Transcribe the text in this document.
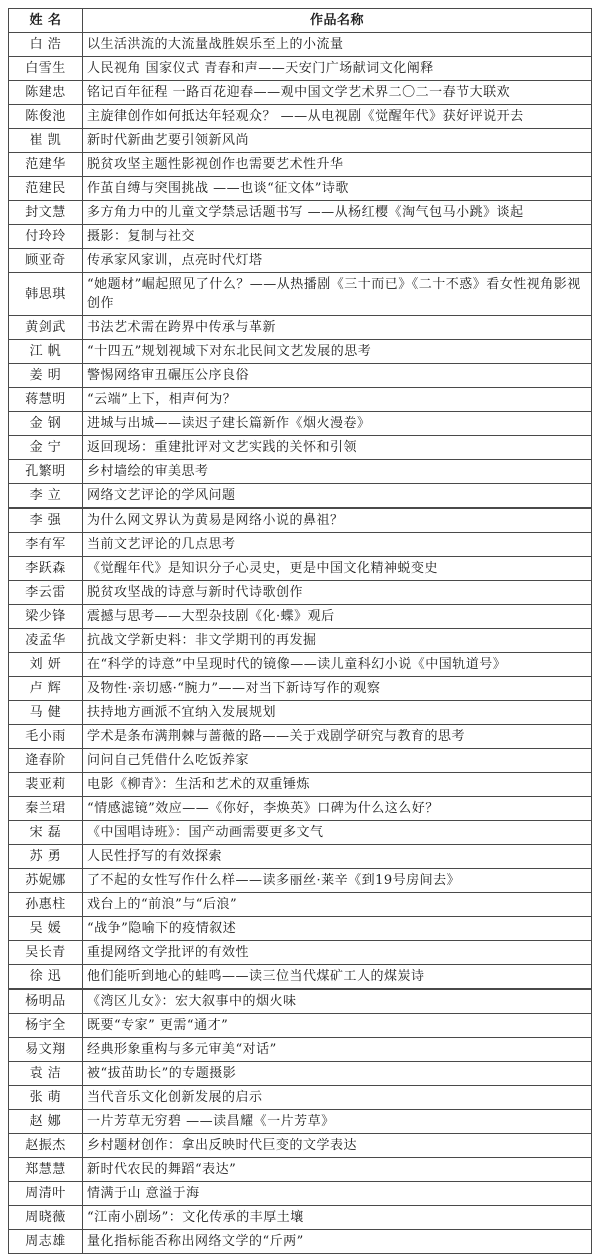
姓 名	作品名称
白 浩	以生活洪流的大流量战胜娱乐至上的小流量
白雪生	人民视角 国家仪式 青春和声——天安门广场献词文化阐释
陈建忠	铭记百年征程 一路百花迎春——观中国文学艺术界二〇二一春节大联欢
陈俊池	主旋律创作如何抵达年轻观众？ ——从电视剧《觉醒年代》获好评说开去
崔 凯	新时代新曲艺要引领新风尚
范建华	脱贫攻坚主题性影视创作也需要艺术性升华
范建民	作茧自缚与突围挑战 ——也谈“征文体”诗歌
封文慧	多方角力中的儿童文学禁忌话题书写 ——从杨红樱《淘气包马小跳》谈起
付玲玲	摄影：复制与社交
顾亚奇	传承家风家训，点亮时代灯塔
韩思琪	“她题材”崛起照见了什么？——从热播剧《三十而已》《二十不惑》看女性视角影视创作
黄剑武	书法艺术需在跨界中传承与革新
江 帆	“十四五”规划视域下对东北民间文艺发展的思考
姜 明	警惕网络审丑碾压公序良俗
蒋慧明	“云端”上下，相声何为？
金 钢	进城与出城——读迟子建长篇新作《烟火漫卷》
金 宁	返回现场：重建批评对文艺实践的关怀和引领
孔繁明	乡村墙绘的审美思考
李 立	网络文艺评论的学风问题
李 强	为什么网文界认为黄易是网络小说的鼻祖？
李有军	当前文艺评论的几点思考
李跃森	《觉醒年代》是知识分子心灵史，更是中国文化精神蜕变史
李云雷	脱贫攻坚战的诗意与新时代诗歌创作
梁少锋	震撼与思考——大型杂技剧《化·蝶》观后
凌孟华	抗战文学新史料：非文学期刊的再发掘
刘 妍	在“科学的诗意”中呈现时代的镜像——读儿童科幻小说《中国轨道号》
卢 辉	及物性·亲切感·“腕力”——对当下新诗写作的观察
马 健	扶持地方画派不宜纳入发展规划
毛小雨	学术是条布满荆棘与蔷薇的路——关于戏剧学研究与教育的思考
逄春阶	问问自己凭借什么吃饭养家
裴亚莉	电影《柳青》：生活和艺术的双重锤炼
秦兰珺	“情感滤镜”效应——《你好，李焕英》口碑为什么这么好？
宋 磊	《中国唱诗班》：国产动画需要更多文气
苏 勇	人民性抒写的有效探索
苏妮娜	了不起的女性写作什么样——读多丽丝·莱辛《到19号房间去》
孙惠柱	戏台上的“前浪”与“后浪”
吴 媛	“战争”隐喻下的疫情叙述
吴长青	重提网络文学批评的有效性
徐 迅	他们能听到地心的蛙鸣——读三位当代煤矿工人的煤炭诗
杨明品	《湾区儿女》：宏大叙事中的烟火味
杨宇全	既要“专家” 更需“通才”
易文翔	经典形象重构与多元审美“对话”
袁 洁	被“拔苗助长”的专题摄影
张 萌	当代音乐文化创新发展的启示
赵 娜	一片芳草无穷碧 ——读昌耀《一片芳草》
赵振杰	乡村题材创作：拿出反映时代巨变的文学表达
郑慧慧	新时代农民的舞蹈“表达”
周清叶	情满于山 意溢于海
周晓薇	“江南小剧场”：文化传承的丰厚土壤
周志雄	量化指标能否称出网络文学的“斤两”
